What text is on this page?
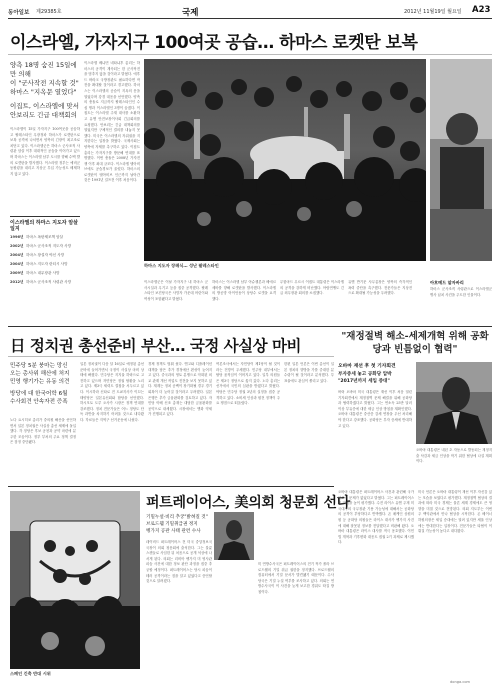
동아일보 제29385호	국제	2012년 11월19일 월요일 A23
이스라엘, 가자지구 100여곳 공습… 하마스 로켓탄 보복
양측 18명 숨진 15일에만 의해
이 "군사작전 지속할 것"
하마스 "지옥문 열었다"
이집트, 이스라엘에 맞서
안보리도 긴급 대책회의
이스라엘이 15일 가자지구 100여곳을 공습하고 팔레스타인 무장정파 하마스가 로켓탄으로 보복 공격에 나서면서 양측의 긴장이 최고조로 치닫고 있다. 이스라엘군은 하마스 군사조직 사령관 암살 이후 대대적인 공습을 이어가고 있으며 하마스는 이스라엘 남부 도시를 향해 수백 발의 로켓탄을 발사했다. 이스라엘 정부는 예비군 동원령을 내리고 지상군 투입 가능성도 배제하지 않고 있다.
이스라엘의 하마스 지도자 암살 일지
1996년 하마스 폭탄제조책 암살
2002년 하마스 군사조직 지도자 사망
2004년 하마스 창설자 야신 사망
2004년 하마스 지도자 란티시 사망
2009년 하마스 내무장관 사망
2012년 하마스 군사조직 사령관 사망
이스라엘 베냐민 네타냐후 총리는 하마스의 공격이 계속되는 한 군사작전을 멈추지 않을 것이라고 밝혔다. 에후드 바라크 국방장관도 필요하다면 작전을 확대할 것이라고 경고했다. 하마스는 이스라엘의 공습이 지옥의 문을 열었다며 강경 대응을 선언했다. 양측의 충돌로 지금까지 팔레스타인인 수십 명과 이스라엘인 3명이 숨졌다. 이집트는 이스라엘 주재 대사를 소환하고 유엔 안전보장이사회 긴급회의를 요청했다. 안보리는 긴급 대책회의를 열었지만 구체적인 결의를 내놓지 못했다. 미국은 이스라엘의 자위권을 지지한다는 입장을 밝혔다. 국제사회는 양측에 자제를 촉구하고 있다. 이집트 총리는 가자지구를 방문해 연대를 표명했다. 이번 충돌은 2008년 가자전쟁 이후 최대 규모다. 이스라엘 텔아비브에도 공습경보가 울렸다. 하마스의 로켓탄이 텔아비브 인근까지 날아간 것은 1991년 걸프전 이후 처음이다.
하마스 지도자 장례식… 성난 팔레스타인
이스라엘군은 이날 가자지구 내 하마스 군사시설과 무기고 등을 집중 공격했다. 팔레스타인 보건당국은 사망자 가운데 어린이와 여성이 포함됐다고 밝혔다.
하마스는 이스라엘 남부 아슈켈론과 베에르셰바를 향해 로켓탄을 발사했다. 이스라엘의 방공망 아이언돔이 상당수 로켓을 요격했다.
무함마드 무르시 이집트 대통령은 이스라엘의 공격을 강하게 비난했다. 아랍연맹도 긴급 외무장관 회의를 소집했다.
유엔 반기문 사무총장은 양측의 즉각적인 폭력 중단을 촉구했다. 전문가들은 지상전으로 확대될 가능성을 우려했다.
아흐메드 알자바리
하마스 군사조직 사령관으로 이스라엘군 병사 납치 사건을 주도한 인물이다.
日 정치권 총선준비 부산… 국정 사실상 마비
"재정절벽 해소-세제개혁 위해 공화당과 빈틈없이 협력"
민주당 5분 붕마는 망신
오는 총사위 해산에 처지
민영 행기가는 유동 의견
방당에 대 한국어학 6월
수사회견 안속자전 증폭
노다 요시히코 총리가 중의원 해산을 선언하면서 일본 정치권은 사실상 총선 체제에 돌입했다. 각 정당은 후보 공천과 공약 마련에 분주한 모습이다. 정부 부처의 주요 정책 결정은 잠정 중단됐다.
일본 정치권이 다음 달 16일로 예정된 총선 준비에 들어가면서 국정이 사실상 마비 상태에 빠졌다. 민주당은 지지율 하락으로 고전하고 있으며 자민당은 정권 탈환을 노리고 있다. 제3극 세력도 결집을 서두르고 있다. 이시하라 신타로 전 도쿄지사가 이끄는 태양당은 일본유신회와 합당을 선언했다. 하시모토 도루 오사카 시장은 정책 연대를 강조했다. 정치 전문가들은 어느 정당도 단독 과반을 차지하기 어려울 것으로 내다봤다. 각료들은 지역구 선거운동에 나섰다.
경제 정책도 멈춰 섰다. 엔고와 디플레이션 대책을 담은 추가 경정예산 편성이 늦어지고 있다. 중국과의 영토 분쟁으로 악화된 외교 관계 개선 작업도 진전을 보지 못하고 있다. 재계는 정치 공백이 장기화될 경우 경기 회복이 더 늦어질 것이라고 우려했다. 일본은행은 추가 금융완화를 검토하고 있다. 자민당 아베 신조 총재는 대담한 금융완화를 공약으로 내세웠다. 시장에서는 엔화 약세가 진행되고 있다.
여론조사에서는 자민당이 제1당이 될 것이라는 전망이 우세했다. 민주당 내부에서는 탈당 움직임이 이어지고 있다. 일부 의원들은 제3극 정당으로 옮겨 갔다. 노다 총리는 선거에서 국민의 심판을 받겠다고 밝혔다. 야당은 민주당 정권 3년의 실정을 집중 공격하고 있다. 소비세 인상과 원전 정책이 주요 쟁점으로 떠올랐다.
한편 일본 언론은 이번 총선이 일본 정치의 향방을 가를 중대한 분수령이 될 것이라고 분석했다. 투표율에도 관심이 쏠리고 있다.
오바마 재선 후 첫 기자회견
부자증세 놓고 공화당 압박
"2017년까지 세입 증대"
버락 오바마 미국 대통령은 재선 이후 처음 열린 기자회견에서 재정절벽 문제 해결을 위해 공화당과 협력하겠다고 밝혔다. 그는 연소득 25만 달러 이상 부유층에 대한 세금 인상 방침을 재확인했다. 오바마 대통령은 중산층 감세 연장을 우선 처리해야 한다고 강조했다. 공화당은 부자 증세에 반대하고 있다.
오바마 대통령은 내년 초 자동으로 발동되는 재정지출 삭감과 세금 인상을 막기 위한 협상에 나설 계획이다.
퍼트레이어스, 美의회 청문회 선다
스페인 긴축 반대 시위
기밀누설·비리 추궁"밝혀질 것"
브로드웰 기밀취급권 정지
벵가지 공관 사태 관련 수사
데이비드 퍼트레이어스 전 미국 중앙정보국 국장이 의회 청문회에 출석한다. 그는 불륜 스캔들로 사임한 뒤 처음으로 공개 석상에 나서게 된다. 의회는 리비아 벵가지 미 영사관 피습 사건에 대한 정보 판단 과정을 집중 추궁할 예정이다. 퍼트레이어스는 당시 피습이 테러 공격이라는 점을 알고 있었다고 증언할 것으로 알려졌다.
미 연방수사국은 퍼트레이어스의 전기 작가 폴라 브로드웰의 기밀 취급 권한을 정지했다. 브로드웰의 컴퓨터에서 기밀 문서가 발견됐기 때문이다. 수사 당국은 기밀 누설 여부를 조사하고 있다. 의회는 연방수사국이 이 사건을 늦게 보고한 경위도 따질 방침이다.
오바마 대통령은 퍼트레이어스 사건과 관련해 국가 안보에 문제가 없었다고 밝혔다. 그는 퍼트레이어스의 업적을 높이 평가했다. 수전 라이스 유엔 주재 미국대사의 국무장관 기용 가능성에 대해서는 공화당의 공격이 부당하다고 반박했다. 존 매케인 상원의원 등 공화당 의원들은 라이스 대사가 벵가지 사건에 대해 잘못된 정보를 전달했다고 비판해 왔다. 오바마 대통령은 라이스 대사를 적극 옹호했다. 이민법 개혁과 기후변화 대응도 집권 2기 과제로 제시했다.
미국 언론은 오바마 대통령이 재선 이후 자신감 있는 모습을 보였다고 평가했다. 재정절벽 협상의 결과에 따라 미국 경제는 물론 세계 경제에도 큰 영향을 미칠 것으로 전망된다. 의회 지도부는 이번 주 백악관에서 만나 협상을 시작한다. 존 베이너 하원의장은 세입 증대에는 열려 있지만 세율 인상에는 반대한다는 입장이다. 전문가들은 타협이 이뤄질 가능성이 높다고 내다봤다.
donga.com
